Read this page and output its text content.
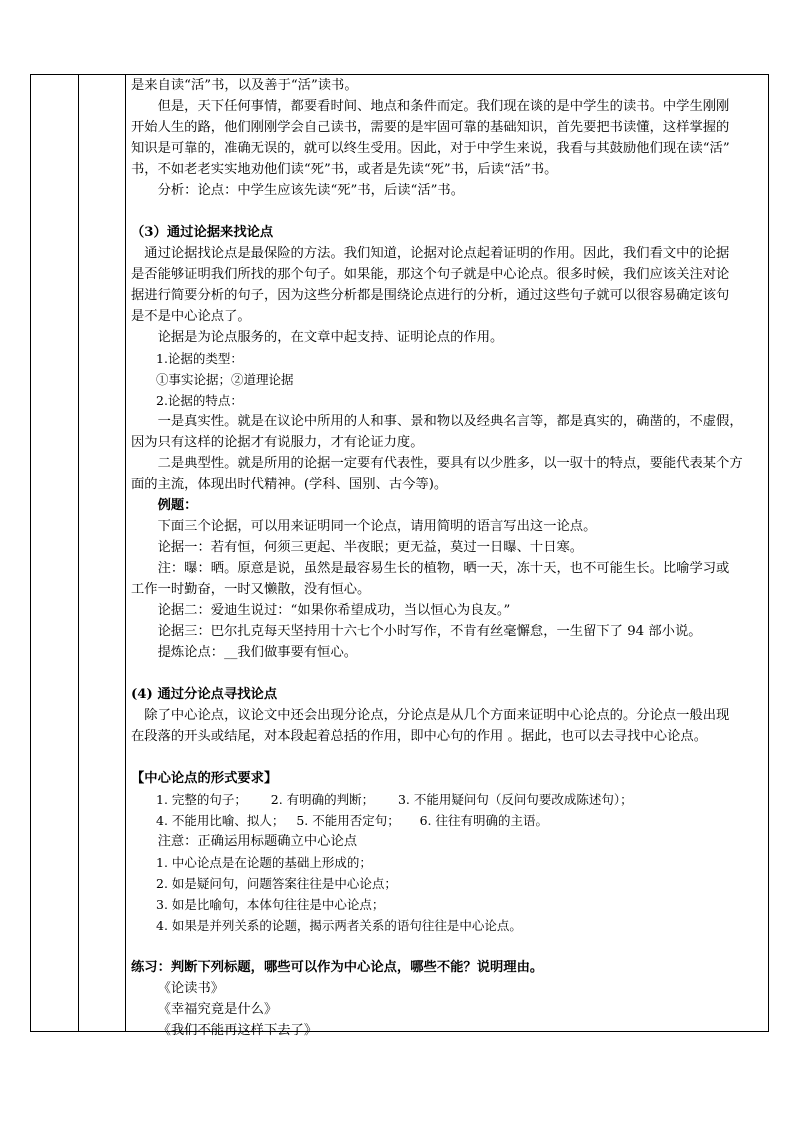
是来自读“活”书，以及善于“活”读书。

但是，天下任何事情，都要看时间、地点和条件而定。我们现在谈的是中学生的读书。中学生刚刚

开始人生的路，他们刚刚学会自己读书，需要的是牢固可靠的基础知识，首先要把书读懂，这样掌握的

知识是可靠的，准确无误的，就可以终生受用。因此，对于中学生来说，我看与其鼓励他们现在读“活”

书，不如老老实实地劝他们读“死”书，或者是先读“死”书，后读“活”书。

分析：论点：中学生应该先读“死”书，后读“活”书。

（3）通过论据来找论点

通过论据找论点是最保险的方法。我们知道，论据对论点起着证明的作用。因此，我们看文中的论据

是否能够证明我们所找的那个句子。如果能，那这个句子就是中心论点。很多时候，我们应该关注对论

据进行简要分析的句子，因为这些分析都是围绕论点进行的分析，通过这些句子就可以很容易确定该句

是不是中心论点了。

论据是为论点服务的，在文章中起支持、证明论点的作用。

1.论据的类型：

①事实论据；②道理论据

2.论据的特点：

一是真实性。就是在议论中所用的人和事、景和物以及经典名言等，都是真实的，确凿的，不虚假，

因为只有这样的论据才有说服力，才有论证力度。

二是典型性。就是所用的论据一定要有代表性，要具有以少胜多，以一驭十的特点，要能代表某个方

面的主流，体现出时代精神。(学科、国别、古今等)。

例题：

下面三个论据，可以用来证明同一个论点，请用简明的语言写出这一论点。

论据一：若有恒，何须三更起、半夜眠；更无益，莫过一日曝、十日寒。

注：曝：晒。原意是说，虽然是最容易生长的植物，晒一天，冻十天，也不可能生长。比喻学习或

工作一时勤奋，一时又懒散，没有恒心。

论据二：爱迪生说过：“如果你希望成功，当以恒心为良友。”

论据三：巴尔扎克每天坚持用十六七个小时写作，不肯有丝毫懈怠，一生留下了 94 部小说。

提炼论点：__我们做事要有恒心。

(4) 通过分论点寻找论点

除了中心论点，议论文中还会出现分论点，分论点是从几个方面来证明中心论点的。分论点一般出现

在段落的开头或结尾，对本段起着总括的作用，即中心句的作用 。据此，也可以去寻找中心论点。

【中心论点的形式要求】

1. 完整的句子；      2. 有明确的判断；      3. 不能用疑问句（反问句要改成陈述句）；

4. 不能用比喻、拟人；   5. 不能用否定句；     6. 往往有明确的主语。

注意：正确运用标题确立中心论点

1. 中心论点是在论题的基础上形成的；

2. 如是疑问句，问题答案往往是中心论点；

3. 如是比喻句，本体句往往是中心论点；

4. 如果是并列关系的论题，揭示两者关系的语句往往是中心论点。

练习：判断下列标题，哪些可以作为中心论点，哪些不能？说明理由。

《论读书》

《幸福究竟是什么》

《我们不能再这样下去了》
